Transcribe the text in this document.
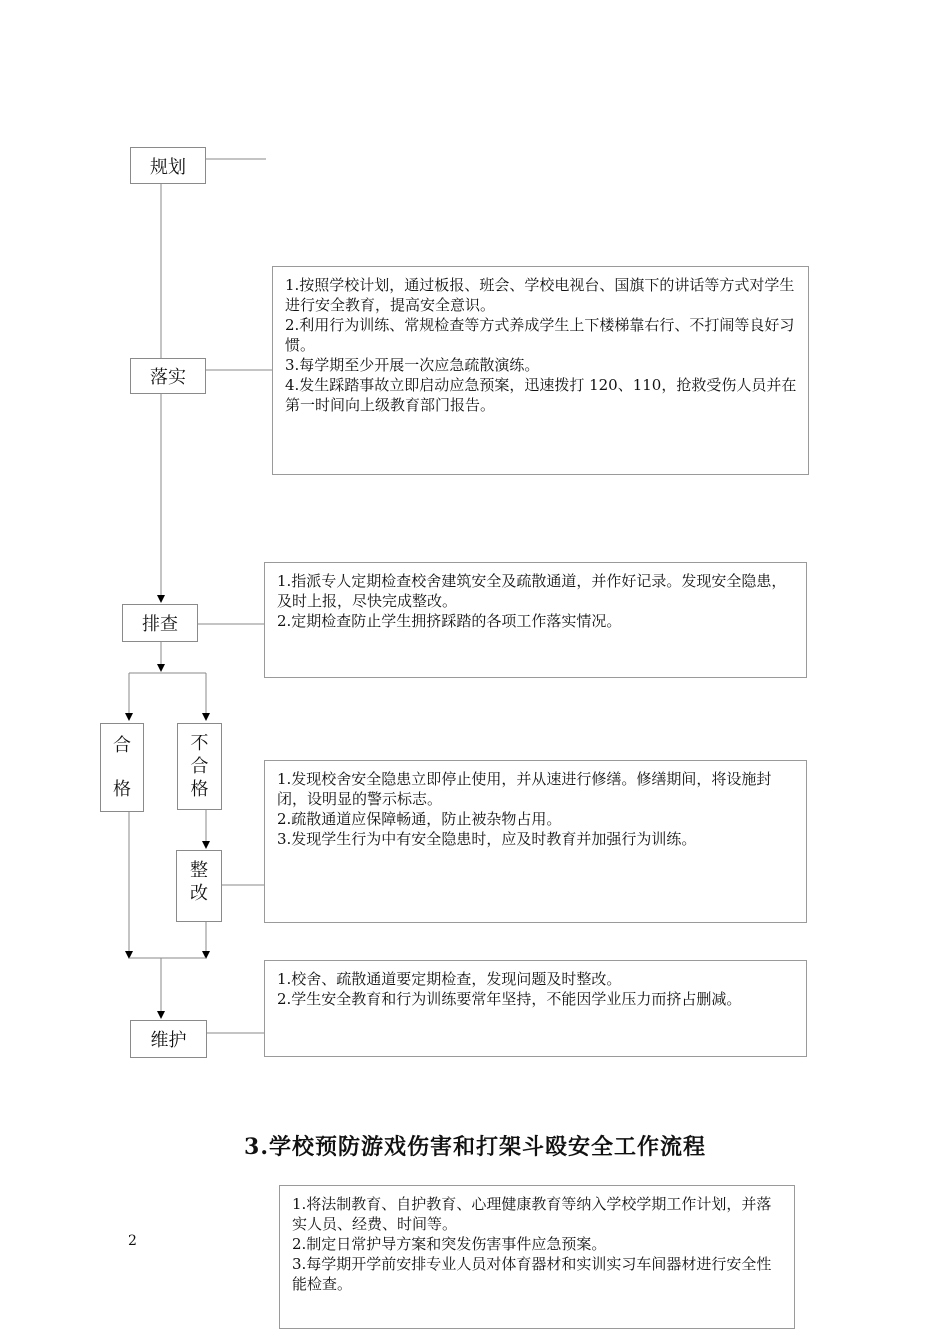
规划
落实
排查
合
格
不
合
格
整
改
维护

1.按照学校计划，通过板报、班会、学校电视台、国旗下的讲话等方式对学生进行安全教育，提高安全意识。

2.利用行为训练、常规检查等方式养成学生上下楼梯靠右行、不打闹等良好习惯。

3.每学期至少开展一次应急疏散演练。

4.发生踩踏事故立即启动应急预案，迅速拨打 120、110，抢救受伤人员并在第一时间向上级教育部门报告。

1.指派专人定期检查校舍建筑安全及疏散通道，并作好记录。发现安全隐患，及时上报，尽快完成整改。

2.定期检查防止学生拥挤踩踏的各项工作落实情况。

1.发现校舍安全隐患立即停止使用，并从速进行修缮。修缮期间，将设施封闭，设明显的警示标志。

2.疏散通道应保障畅通，防止被杂物占用。

3.发现学生行为中有安全隐患时，应及时教育并加强行为训练。

1.校舍、疏散通道要定期检查，发现问题及时整改。

2.学生安全教育和行为训练要常年坚持，不能因学业压力而挤占删减。

3.学校预防游戏伤害和打架斗殴安全工作流程
2

1.将法制教育、自护教育、心理健康教育等纳入学校学期工作计划，并落实人员、经费、时间等。

2.制定日常护导方案和突发伤害事件应急预案。

3.每学期开学前安排专业人员对体育器材和实训实习车间器材进行安全性能检查。
